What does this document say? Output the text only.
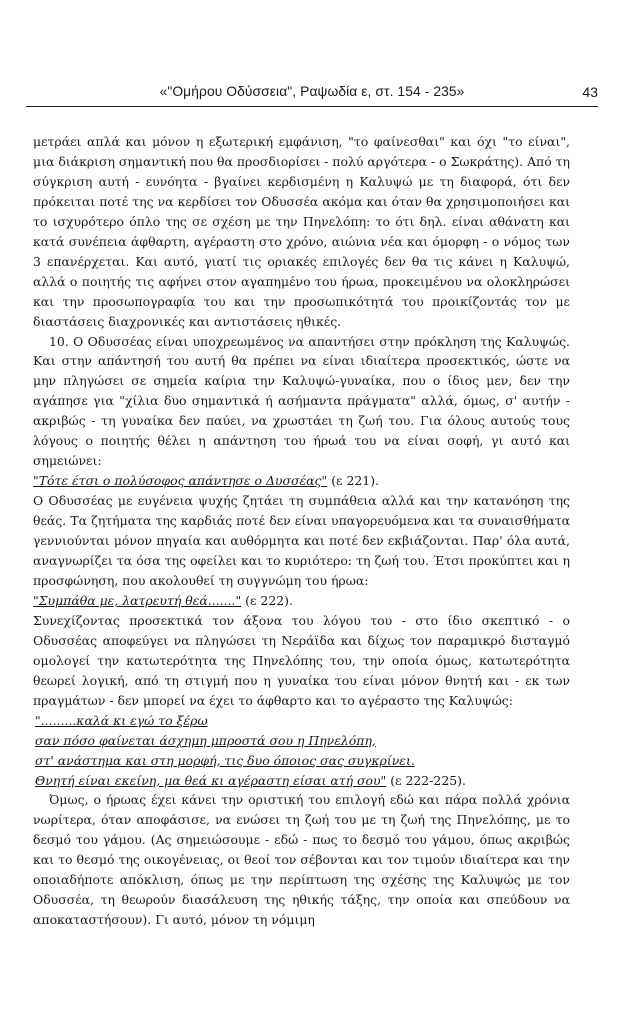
«"Ομήρου Οδύσσεια", Ραψωδία ε, στ. 154 - 235»	43

μετράει απλά και μόνον η εξωτερική εμφάνιση, "το φαίνεσθαι" και όχι "το είναι", μια διάκριση σημαντική που θα προσδιορίσει - πολύ αργότερα - ο Σωκράτης). Από τη σύγκριση αυτή - ευνόητα - βγαίνει κερδισμένη η Καλυψώ με τη διαφορά, ότι δεν πρόκειται ποτέ της να κερδίσει τον Οδυσσέα ακόμα και όταν θα χρησιμοποιήσει και το ισχυρότερο όπλο της σε σχέση με την Πηνελόπη: το ότι δηλ. είναι αθάνατη και κατά συνέπεια άφθαρτη, αγέραστη στο χρόνο, αιώνια νέα και όμορφη - ο νόμος των 3 επανέρχεται. Και αυτό, γιατί τις οριακές επιλογές δεν θα τις κάνει η Καλυψώ, αλλά ο ποιητής τις αφήνει στον αγαπημένο του ήρωα, προκειμένου να ολοκληρώσει και την προσωπογραφία του και την προσωπικότητά του προικίζοντάς τον με διαστάσεις διαχρονικές και αντιστάσεις ηθικές.

10. Ο Οδυσσέας είναι υποχρεωμένος να απαντήσει στην πρόκληση της Καλυψώς. Και στην απάντησή του αυτή θα πρέπει να είναι ιδιαίτερα προσεκτικός, ώστε να μην πληγώσει σε σημεία καίρια την Καλυψώ-γυναίκα, που ο ίδιος μεν, δεν την αγάπησε για "χίλια δυο σημαντικά ή ασήμαντα πράγματα" αλλά, όμως, σ' αυτήν - ακριβώς - τη γυναίκα δεν παύει, να χρωστάει τη ζωή του. Για όλους αυτούς τους λόγους ο ποιητής θέλει η απάντηση του ήρωά του να είναι σοφή, γι αυτό και σημειώνει:

"Τότε έτσι ο πολύσοφος απάντησε ο Δυσσέας" (ε 221).

Ο Οδυσσέας με ευγένεια ψυχής ζητάει τη συμπάθεια αλλά και την κατανόηση της θεάς. Τα ζητήματα της καρδιάς ποτέ δεν είναι υπαγορευόμενα και τα συναισθήματα γεννιούνται μόνον πηγαία και αυθόρμητα και ποτέ δεν εκβιάζονται. Παρ' όλα αυτά, αναγνωρίζει τα όσα της οφείλει και το κυριότερο: τη ζωή του. Έτσι προκύπτει και η προσφώνηση, που ακολουθεί τη συγγνώμη του ήρωα:

"Συμπάθα με, λατρευτή θεά......." (ε 222).

Συνεχίζοντας προσεκτικά τον άξονα του λόγου του - στο ίδιο σκεπτικό - ο Οδυσσέας αποφεύγει να πληγώσει τη Νεράϊδα και δίχως τον παραμικρό δισταγμό ομολογεί την κατωτερότητα της Πηνελόπης του, την οποία όμως, κατωτερότητα θεωρεί λογική, από τη στιγμή που η γυναίκα του είναι μόνον θνητή και - εκ των πραγμάτων - δεν μπορεί να έχει το άφθαρτο και το αγέραστο της Καλυψώς:

".........καλά κι εγώ το ξέρω
σαν πόσο φαίνεται άσχημη μπροστά σου η Πηνελόπη,
στ' ανάστημα και στη μορφή, τις δυο όποιος σας συγκρίνει.
Θνητή είναι εκείνη, μα θεά κι αγέραστη είσαι ατή σου" (ε 222-225).

Όμως, ο ήρωας έχει κάνει την οριστική του επιλογή εδώ και πάρα πολλά χρόνια νωρίτερα, όταν αποφάσισε, να ενώσει τη ζωή του με τη ζωή της Πηνελόπης, με το δεσμό του γάμου. (Ας σημειώσουμε - εδώ - πως το δεσμό του γάμου, όπως ακριβώς και το θεσμό της οικογένειας, οι θεοί τον σέβονται και τον τιμούν ιδιαίτερα και την οποιαδήποτε απόκλιση, όπως με την περίπτωση της σχέσης της Καλυψώς με τον Οδυσσέα, τη θεωρούν διασάλευση της ηθικής τάξης, την οποία και σπεύδουν να αποκαταστήσουν). Γι αυτό, μόνον τη νόμιμη
